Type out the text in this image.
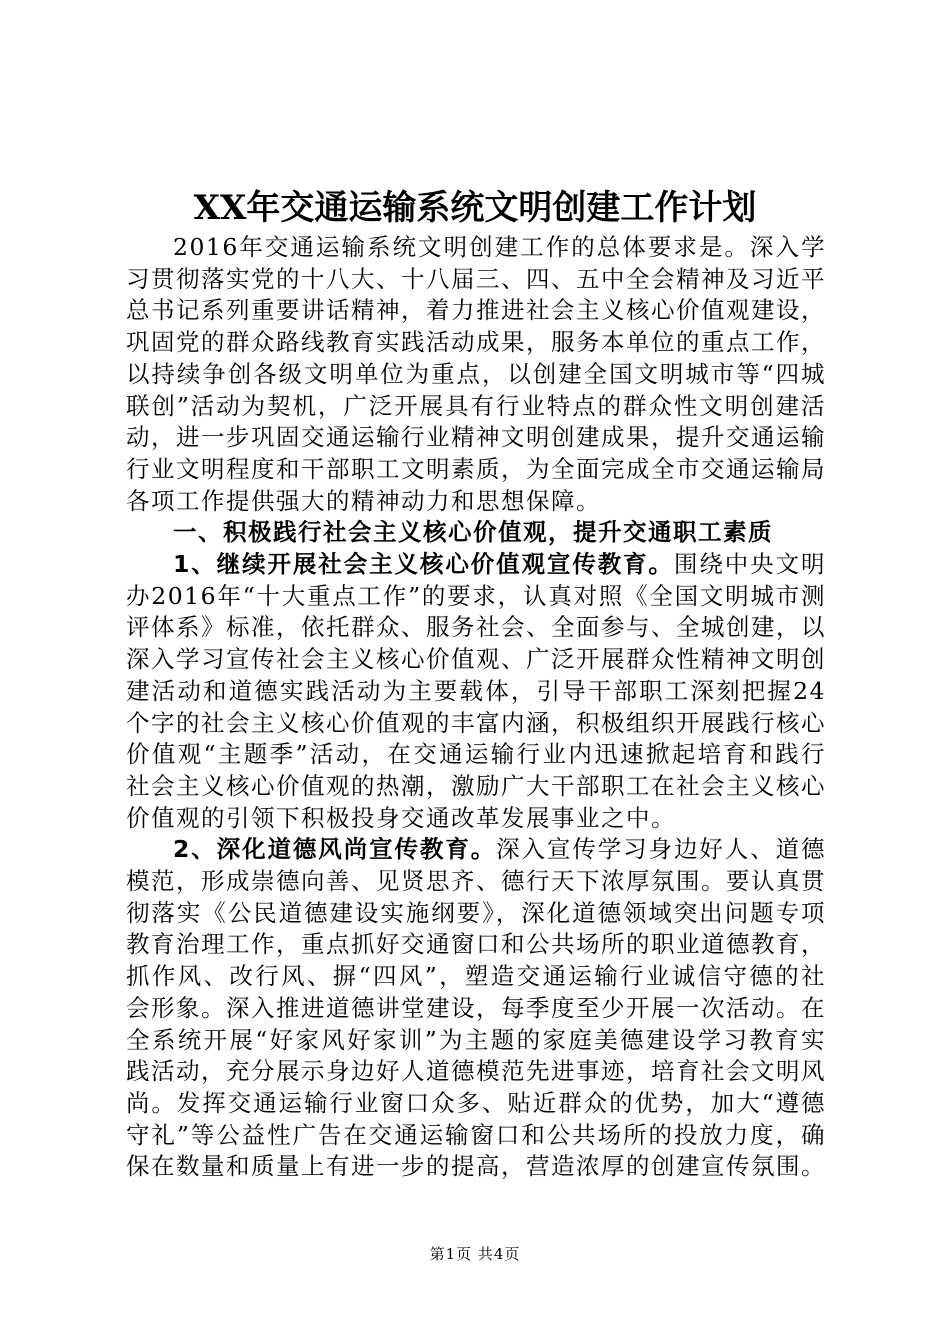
XX年交通运输系统文明创建工作计划

2016年交通运输系统文明创建工作的总体要求是。深入学习贯彻落实党的十八大、十八届三、四、五中全会精神及习近平总书记系列重要讲话精神，着力推进社会主义核心价值观建设，巩固党的群众路线教育实践活动成果，服务本单位的重点工作，以持续争创各级文明单位为重点，以创建全国文明城市等“四城联创”活动为契机，广泛开展具有行业特点的群众性文明创建活动，进一步巩固交通运输行业精神文明创建成果，提升交通运输行业文明程度和干部职工文明素质，为全面完成全市交通运输局各项工作提供强大的精神动力和思想保障。

一、积极践行社会主义核心价值观，提升交通职工素质

1、继续开展社会主义核心价值观宣传教育。围绕中央文明办2016年“十大重点工作”的要求，认真对照《全国文明城市测评体系》标准，依托群众、服务社会、全面参与、全城创建，以深入学习宣传社会主义核心价值观、广泛开展群众性精神文明创建活动和道德实践活动为主要载体，引导干部职工深刻把握24个字的社会主义核心价值观的丰富内涵，积极组织开展践行核心价值观“主题季”活动，在交通运输行业内迅速掀起培育和践行社会主义核心价值观的热潮，激励广大干部职工在社会主义核心价值观的引领下积极投身交通改革发展事业之中。

2、深化道德风尚宣传教育。深入宣传学习身边好人、道德模范，形成崇德向善、见贤思齐、德行天下浓厚氛围。要认真贯彻落实《公民道德建设实施纲要》，深化道德领域突出问题专项教育治理工作，重点抓好交通窗口和公共场所的职业道德教育，抓作风、改行风、摒“四风”，塑造交通运输行业诚信守德的社会形象。深入推进道德讲堂建设，每季度至少开展一次活动。在全系统开展“好家风好家训”为主题的家庭美德建设学习教育实践活动，充分展示身边好人道德模范先进事迹，培育社会文明风尚。发挥交通运输行业窗口众多、贴近群众的优势，加大“遵德守礼”等公益性广告在交通运输窗口和公共场所的投放力度，确保在数量和质量上有进一步的提高，营造浓厚的创建宣传氛围。

第1页 共4页
